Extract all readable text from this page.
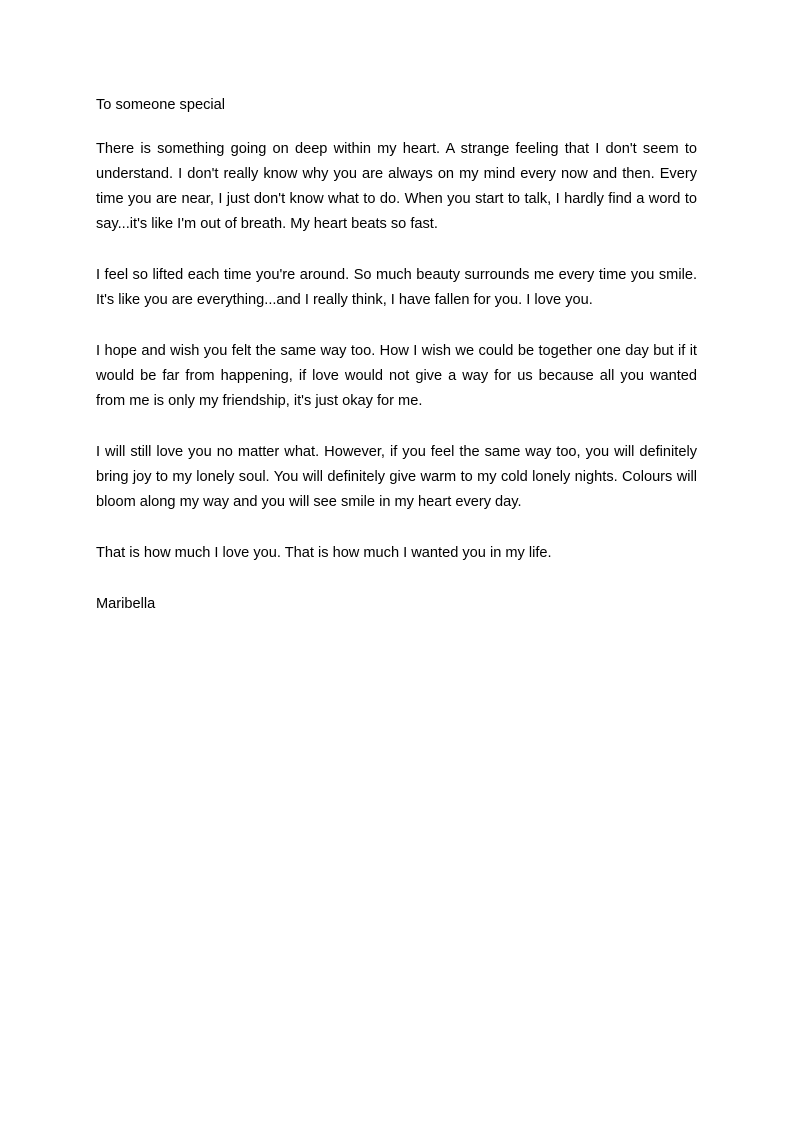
To someone special

There is something going on deep within my heart. A strange feeling that I don't seem to understand. I don't really know why you are always on my mind every now and then. Every time you are near, I just don't know what to do. When you start to talk, I hardly find a word to say...it's like I'm out of breath. My heart beats so fast.

I feel so lifted each time you're around. So much beauty surrounds me every time you smile. It's like you are everything...and I really think, I have fallen for you. I love you.

I hope and wish you felt the same way too. How I wish we could be together one day but if it would be far from happening, if love would not give a way for us because all you wanted from me is only my friendship, it's just okay for me.

I will still love you no matter what. However, if you feel the same way too, you will definitely bring joy to my lonely soul. You will definitely give warm to my cold lonely nights. Colours will bloom along my way and you will see smile in my heart every day.

That is how much I love you. That is how much I wanted you in my life.

Maribella
